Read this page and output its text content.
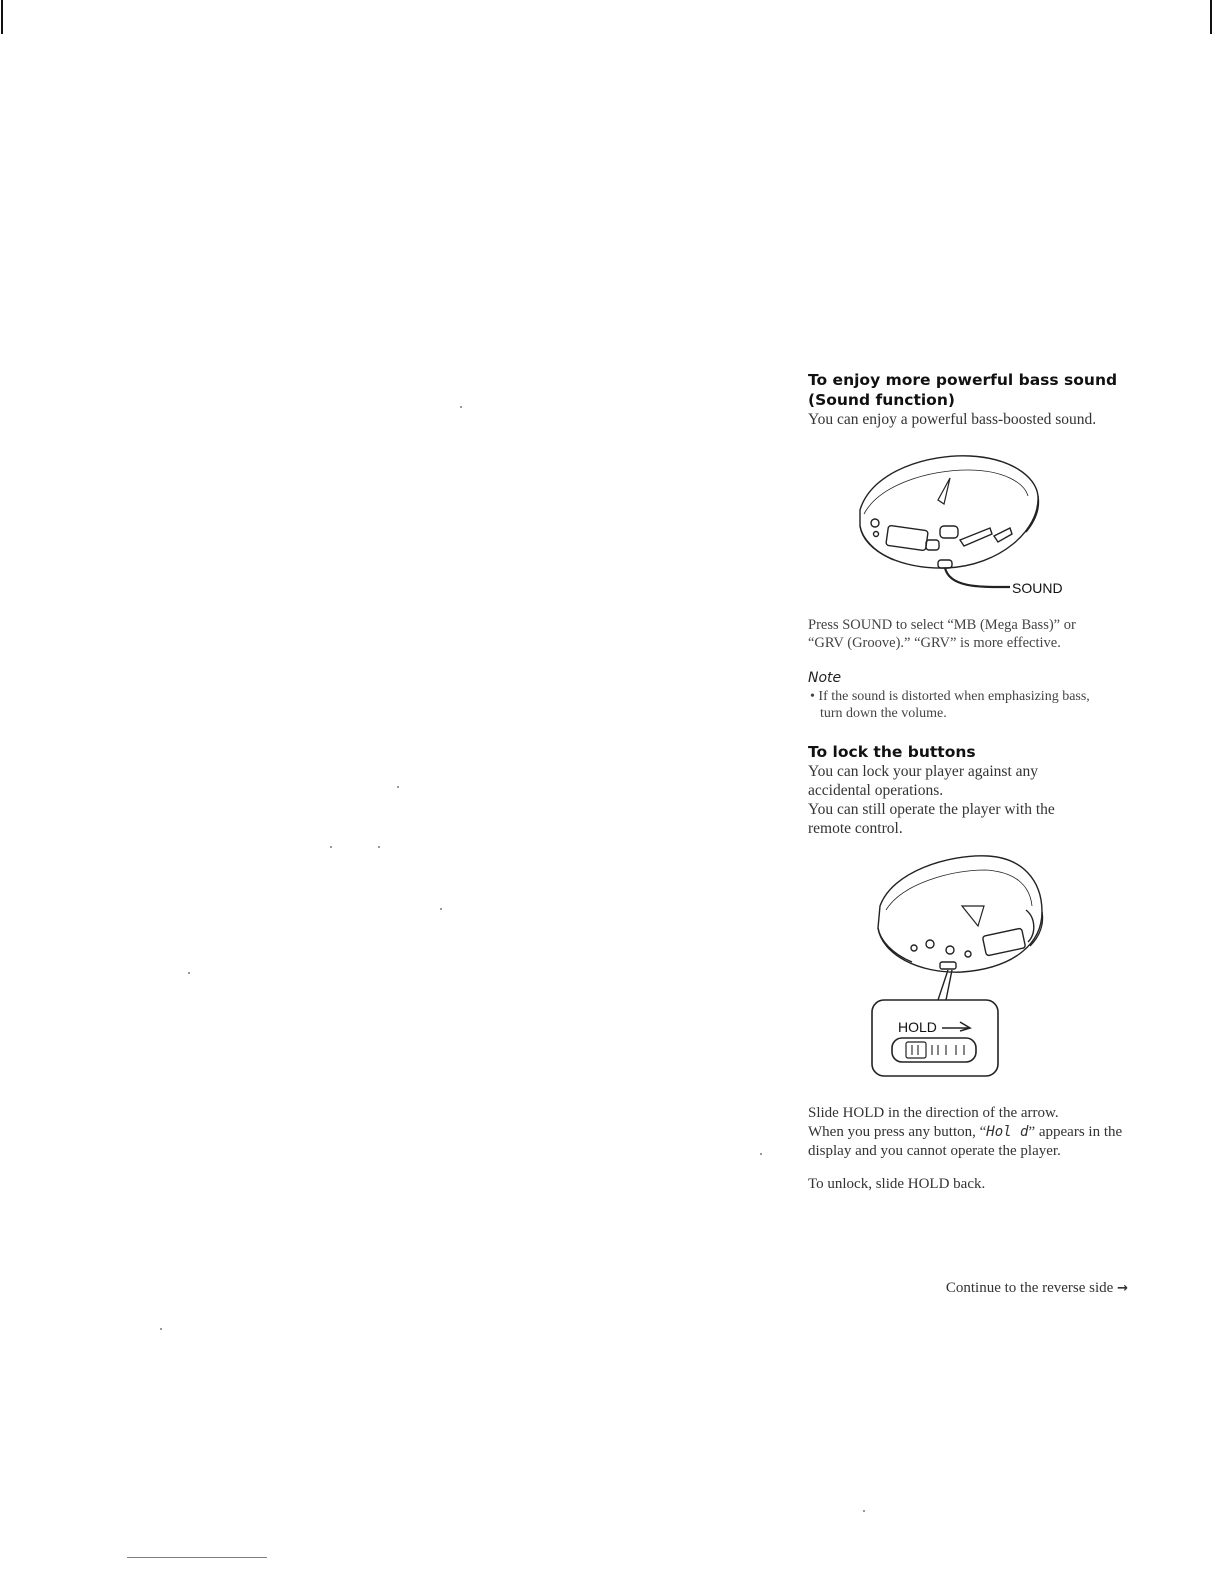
To enjoy more powerful bass sound
(Sound function)

You can enjoy a powerful bass-boosted sound.

SOUND

Press SOUND to select “MB (Mega Bass)” or “GRV (Groove).” “GRV” is more effective.

Note

• If the sound is distorted when emphasizing bass, turn down the volume.

To lock the buttons

You can lock your player against any accidental operations.

You can still operate the player with the remote control.

HOLD

Slide HOLD in the direction of the arrow.

When you press any button, “Hol d” appears in the display and you cannot operate the player.

To unlock, slide HOLD back.

Continue to the reverse side →
